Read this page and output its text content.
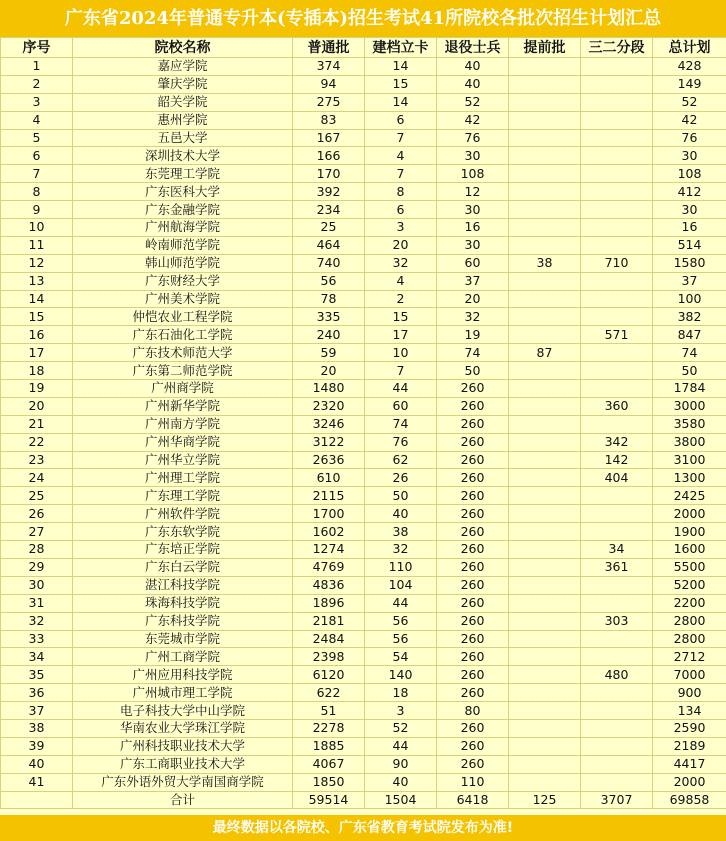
广东省2024年普通专升本(专插本)招生考试41所院校各批次招生计划汇总
序号	院校名称	普通批	建档立卡	退役士兵	提前批	三二分段	总计划
1	嘉应学院	374	14	40			428
2	肇庆学院	94	15	40			149
3	韶关学院	275	14	52			52
4	惠州学院	83	6	42			42
5	五邑大学	167	7	76			76
6	深圳技术大学	166	4	30			30
7	东莞理工学院	170	7	108			108
8	广东医科大学	392	8	12			412
9	广东金融学院	234	6	30			30
10	广州航海学院	25	3	16			16
11	岭南师范学院	464	20	30			514
12	韩山师范学院	740	32	60	38	710	1580
13	广东财经大学	56	4	37			37
14	广州美术学院	78	2	20			100
15	仲恺农业工程学院	335	15	32			382
16	广东石油化工学院	240	17	19		571	847
17	广东技术师范大学	59	10	74	87		74
18	广东第二师范学院	20	7	50			50
19	广州商学院	1480	44	260			1784
20	广州新华学院	2320	60	260		360	3000
21	广州南方学院	3246	74	260			3580
22	广州华商学院	3122	76	260		342	3800
23	广州华立学院	2636	62	260		142	3100
24	广州理工学院	610	26	260		404	1300
25	广东理工学院	2115	50	260			2425
26	广州软件学院	1700	40	260			2000
27	广东东软学院	1602	38	260			1900
28	广东培正学院	1274	32	260		34	1600
29	广东白云学院	4769	110	260		361	5500
30	湛江科技学院	4836	104	260			5200
31	珠海科技学院	1896	44	260			2200
32	广东科技学院	2181	56	260		303	2800
33	东莞城市学院	2484	56	260			2800
34	广州工商学院	2398	54	260			2712
35	广州应用科技学院	6120	140	260		480	7000
36	广州城市理工学院	622	18	260			900
37	电子科技大学中山学院	51	3	80			134
38	华南农业大学珠江学院	2278	52	260			2590
39	广州科技职业技术大学	1885	44	260			2189
40	广东工商职业技术大学	4067	90	260			4417
41	广东外语外贸大学南国商学院	1850	40	110			2000
	合计	59514	1504	6418	125	3707	69858
最终数据以各院校、广东省教育考试院发布为准!
